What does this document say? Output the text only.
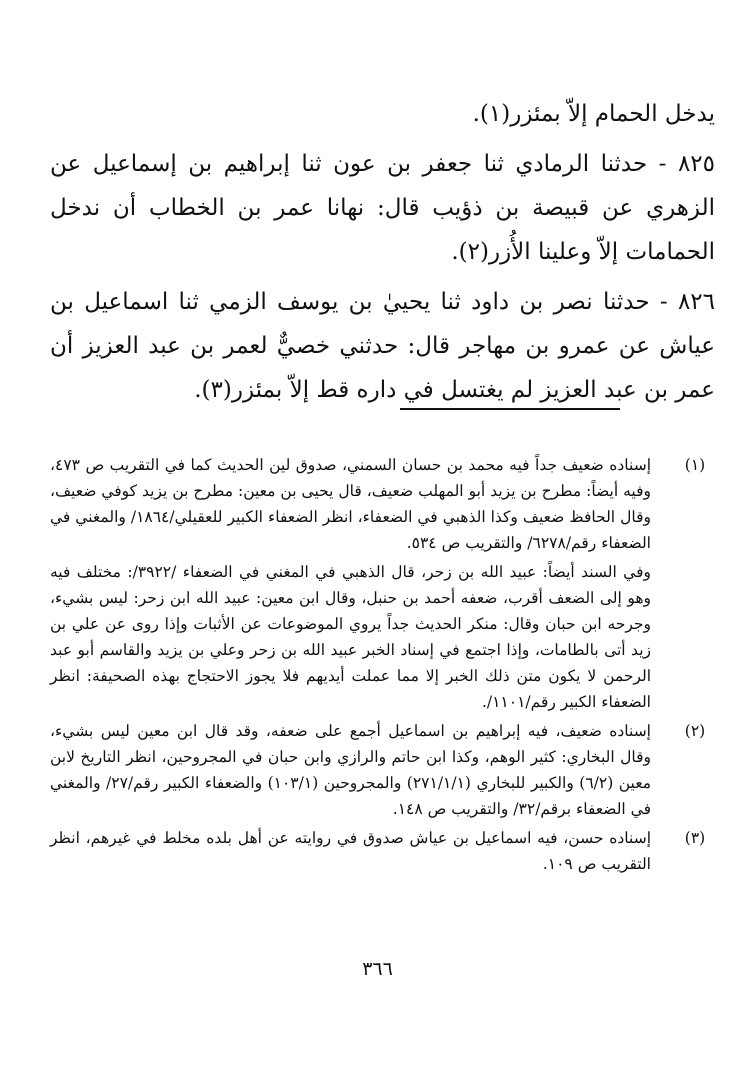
يدخل الحمام إلاّ بمئزر(١).

٨٢٥ - حدثنا الرمادي ثنا جعفر بن عون ثنا إبراهيم بن إسماعيل عن الزهري عن قبيصة بن ذؤيب قال: نهانا عمر بن الخطاب أن ندخل الحمامات إلاّ وعلينا الأُزر(٢).

٨٢٦ - حدثنا نصر بن داود ثنا يحييٰ بن يوسف الزمي ثنا اسماعيل بن عياش عن عمرو بن مهاجر قال: حدثني خصيٌّ لعمر بن عبد العزيز أن عمر بن عبد العزيز لم يغتسل في داره قط إلاّ بمئزر(٣).

(١)
إسناده ضعيف جداً فيه محمد بن حسان السمني، صدوق لين الحديث كما في التقريب ص ٤٧٣، وفيه أيضاً: مطرح بن يزيد أبو المهلب ضعيف، قال يحيى بن معين: مطرح بن يزيد كوفي ضعيف، وقال الحافظ ضعيف وكذا الذهبي في الضعفاء، انظر الضعفاء الكبير للعقيلي/١٨٦٤/ والمغني في الضعفاء رقم/٦٢٧٨/ والتقريب ص ٥٣٤.
وفي السند أيضاً: عبيد الله بن زحر، قال الذهبي في المغني في الضعفاء /٣٩٢٢/: مختلف فيه وهو إلى الضعف أقرب، ضعفه أحمد بن حنبل، وقال ابن معين: عبيد الله ابن زحر: ليس بشيء، وجرحه ابن حبان وقال: منكر الحديث جداً يروي الموضوعات عن الأثبات وإذا روى عن علي بن زيد أتى بالطامات، وإذا اجتمع في إسناد الخبر عبيد الله بن زحر وعلي بن يزيد والقاسم أبو عبد الرحمن لا يكون متن ذلك الخبر إلا مما عملت أيديهم فلا يجوز الاحتجاج بهذه الصحيفة: انظر الضعفاء الكبير رقم/١١٠١/.
(٢)
إسناده ضعيف، فيه إبراهيم بن اسماعيل أجمع على ضعفه، وقد قال ابن معين ليس بشيء، وقال البخاري: كثير الوهم، وكذا ابن حاتم والرازي وابن حبان في المجروحين، انظر التاريخ لابن معين (٦/٢) والكبير للبخاري (٢٧١/١/١) والمجروحين (١٠٣/١) والضعفاء الكبير رقم/٢٧/ والمغني في الضعفاء برقم/٣٢/ والتقريب ص ١٤٨.
(٣)
إسناده حسن، فيه اسماعيل بن عياش صدوق في روايته عن أهل بلده مخلط في غيرهم، انظر التقريب ص ١٠٩.
٣٦٦
